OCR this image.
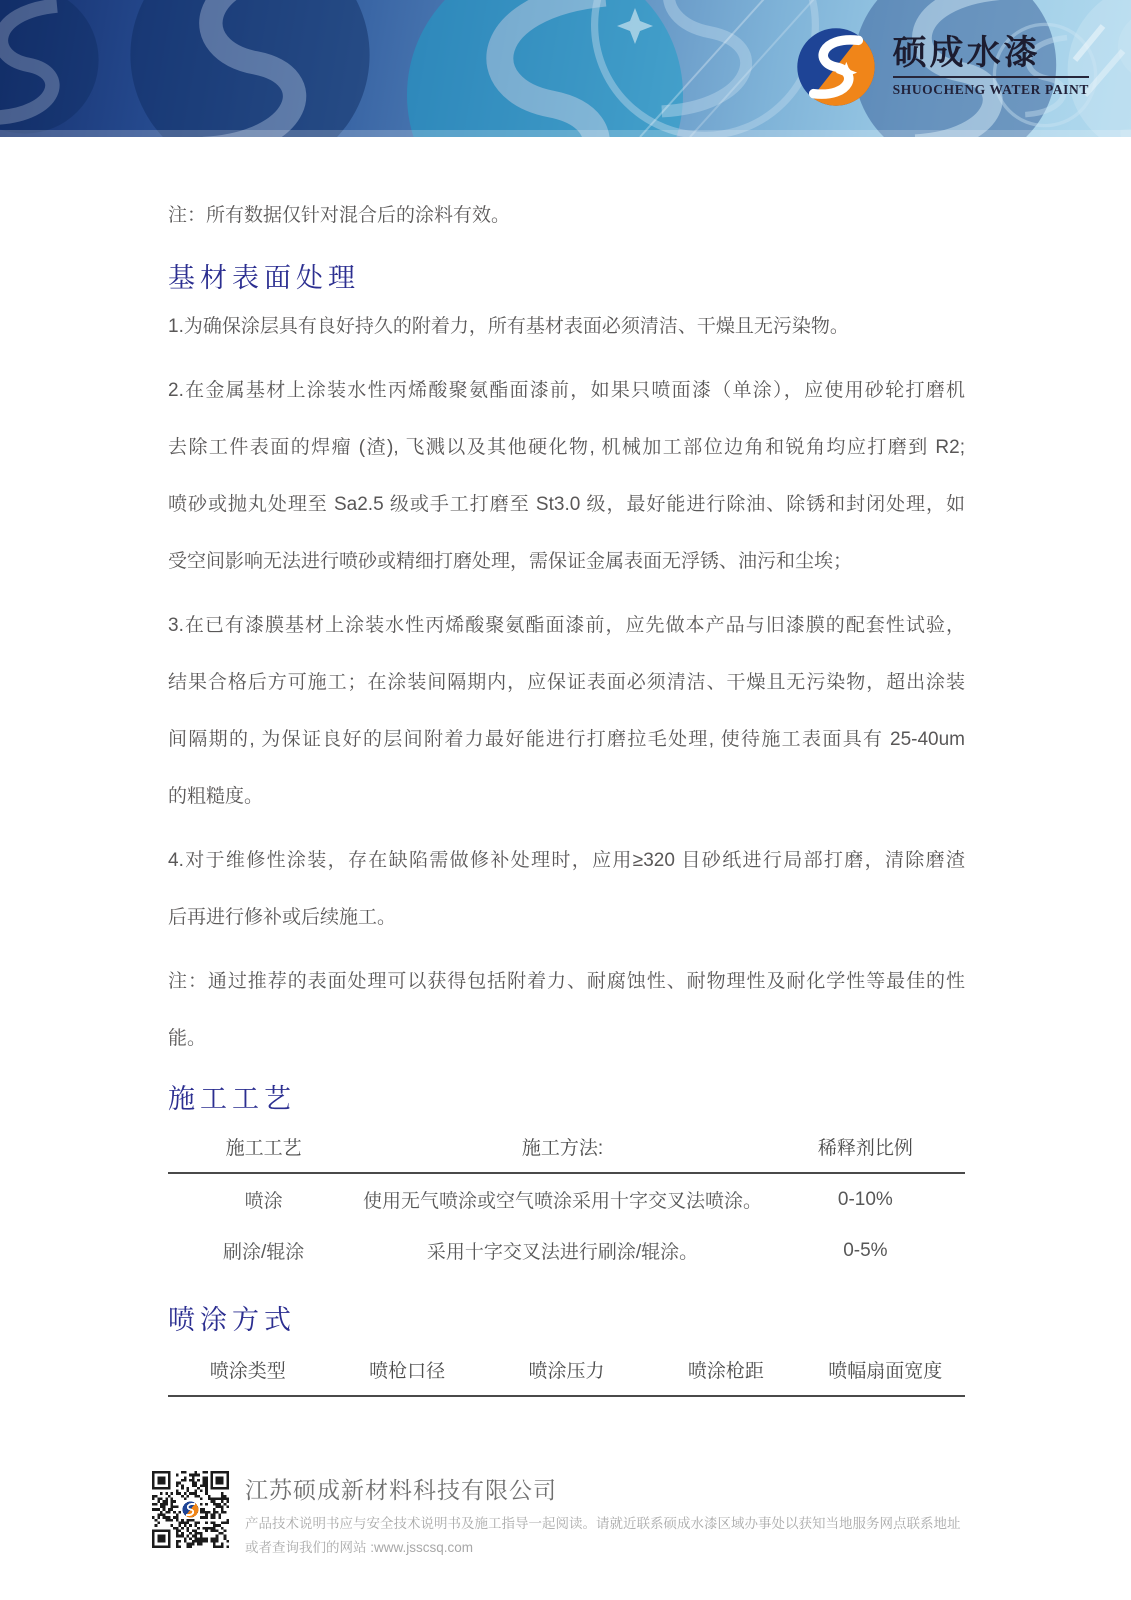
硕成水漆
SHUOCHENG WATER PAINT
注：所有数据仅针对混合后的涂料有效。
基材表面处理
1.为确保涂层具有良好持久的附着力，所有基材表面必须清洁、干燥且无污染物。
2.在金属基材上涂装水性丙烯酸聚氨酯面漆前，如果只喷面漆（单涂），应使用砂轮打磨机
去除工件表面的焊瘤 (渣), 飞溅以及其他硬化物, 机械加工部位边角和锐角均应打磨到 R2;
喷砂或抛丸处理至 Sa2.5 级或手工打磨至 St3.0 级，最好能进行除油、除锈和封闭处理，如
受空间影响无法进行喷砂或精细打磨处理，需保证金属表面无浮锈、油污和尘埃；
3.在已有漆膜基材上涂装水性丙烯酸聚氨酯面漆前，应先做本产品与旧漆膜的配套性试验，
结果合格后方可施工；在涂装间隔期内，应保证表面必须清洁、干燥且无污染物，超出涂装
间隔期的, 为保证良好的层间附着力最好能进行打磨拉毛处理, 使待施工表面具有 25-40um
的粗糙度。
4.对于维修性涂装，存在缺陷需做修补处理时，应用≥320 目砂纸进行局部打磨，清除磨渣
后再进行修补或后续施工。
注：通过推荐的表面处理可以获得包括附着力、耐腐蚀性、耐物理性及耐化学性等最佳的性
能。
施工工艺
施工工艺	施工方法:	稀释剂比例
喷涂	使用无气喷涂或空气喷涂采用十字交叉法喷涂。	0-10%
刷涂/辊涂	采用十字交叉法进行刷涂/辊涂。	0-5%
喷涂方式
喷涂类型	喷枪口径	喷涂压力	喷涂枪距	喷幅扇面宽度

江苏硕成新材料科技有限公司

产品技术说明书应与安全技术说明书及施工指导一起阅读。请就近联系硕成水漆区域办事处以获知当地服务网点联系地址
或者查询我们的网站 :www.jsscsq.com
